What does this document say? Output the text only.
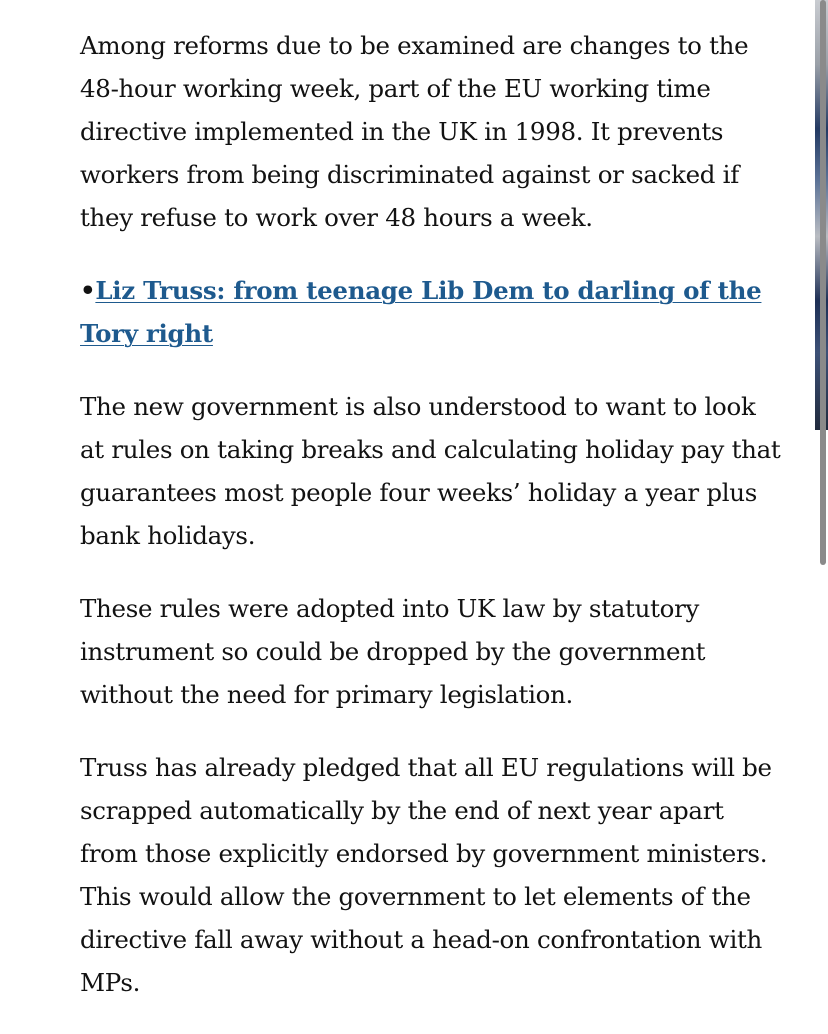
Among reforms due to be examined are changes to the 48-hour working week, part of the EU working time directive implemented in the UK in 1998. It prevents workers from being discriminated against or sacked if they refuse to work over 48 hours a week.

•Liz Truss: from teenage Lib Dem to darling of the Tory right

The new government is also understood to want to look at rules on taking breaks and calculating holiday pay that guarantees most people four weeks’ holiday a year plus bank holidays.

These rules were adopted into UK law by statutory instrument so could be dropped by the government without the need for primary legislation.

Truss has already pledged that all EU regulations will be scrapped automatically by the end of next year apart from those explicitly endorsed by government ministers. This would allow the government to let elements of the directive fall away without a head-on confrontation with MPs.
